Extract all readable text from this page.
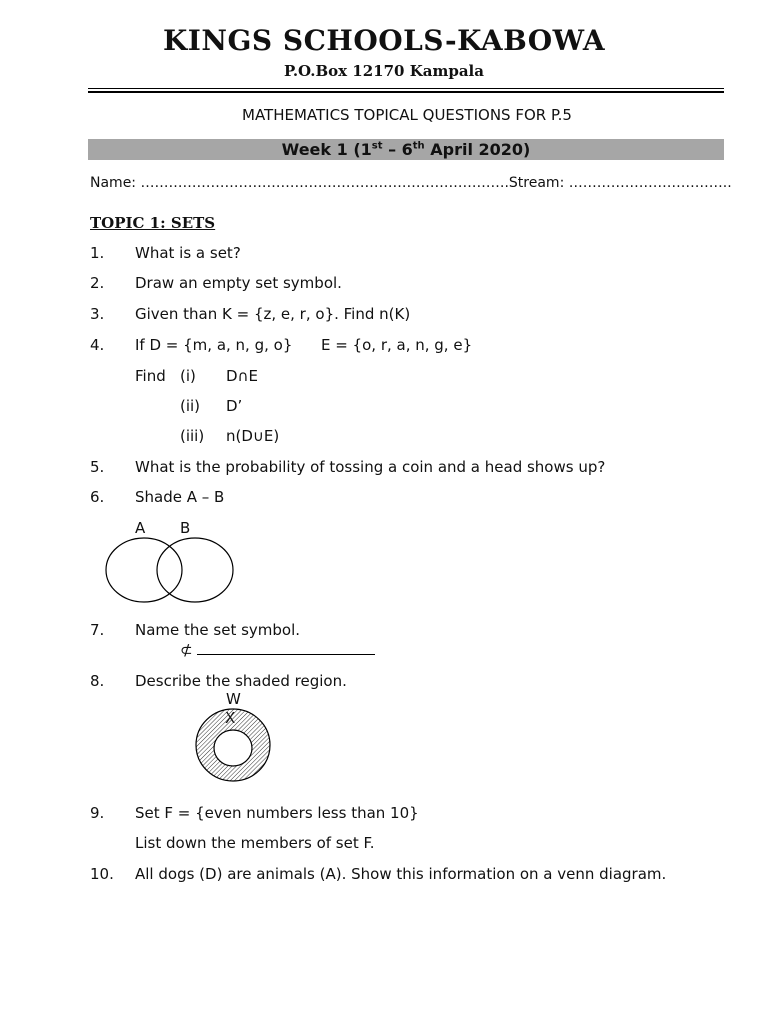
KINGS SCHOOLS-KABOWA
P.O.Box 12170 Kampala
MATHEMATICS TOPICAL QUESTIONS FOR P.5
Week 1 (1st – 6th April 2020)
Name: …………………………………………………………………….Stream: ……………………………..
TOPIC 1: SETS
1. What is a set?
2. Draw an empty set symbol.
3. Given than K = {z, e, r, o}. Find n(K)
4. If D = {m, a, n, g, o}      E = {o, r, a, n, g, e}
Find (i) D∩E
(ii) D’
(iii) n(D∪E)
5. What is the probability of tossing a coin and a head shows up?
6. Shade A – B
A B
7. Name the set symbol.
⊄
8. Describe the shaded region.
W
9. Set F = {even numbers less than 10}
List down the members of set F.
10. All dogs (D) are animals (A). Show this information on a venn diagram.
